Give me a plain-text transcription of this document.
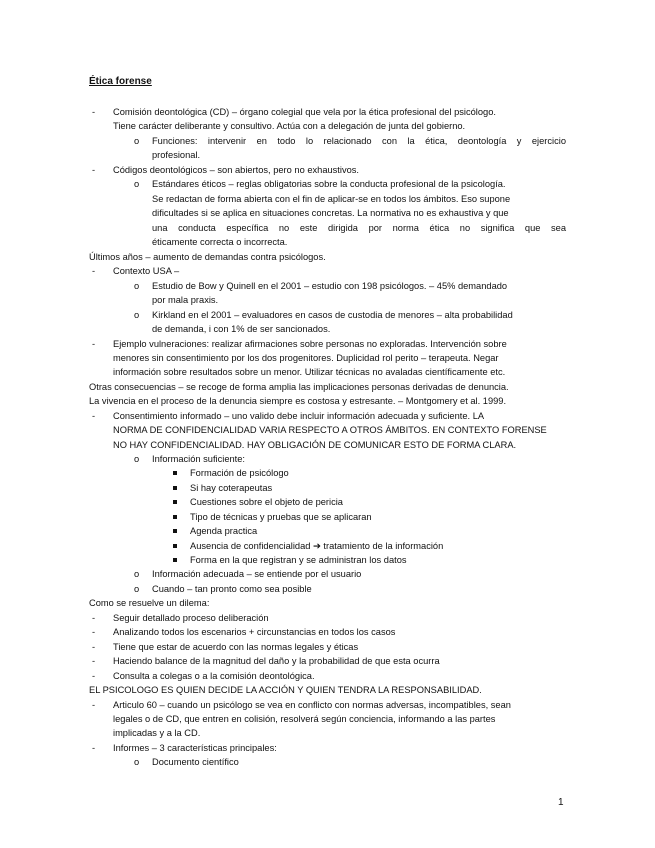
Ética forense
- Comisión deontológica (CD) – órgano colegial que vela por la ética profesional del psicólogo.
Tiene carácter deliberante y consultivo. Actúa con a delegación de junta del gobierno.
o Funciones: intervenir en todo lo relacionado con la ética, deontología y ejercicio
profesional.
- Códigos deontológicos – son abiertos, pero no exhaustivos.
o Estándares éticos – reglas obligatorias sobre la conducta profesional de la psicología.
Se redactan de forma abierta con el fin de aplicar-se en todos los ámbitos. Eso supone
dificultades si se aplica en situaciones concretas. La normativa no es exhaustiva y que
una conducta específica no este dirigida por norma ética no significa que sea
éticamente correcta o incorrecta.
Últimos años – aumento de demandas contra psicólogos.
- Contexto USA –
o Estudio de Bow y Quinell en el 2001 – estudio con 198 psicólogos. – 45% demandado
por mala praxis.
o Kirkland en el 2001 – evaluadores en casos de custodia de menores – alta probabilidad
de demanda, i con 1% de ser sancionados.
- Ejemplo vulneraciones: realizar afirmaciones sobre personas no exploradas. Intervención sobre
menores sin consentimiento por los dos progenitores. Duplicidad rol perito – terapeuta. Negar
información sobre resultados sobre un menor. Utilizar técnicas no avaladas científicamente etc.
Otras consecuencias – se recoge de forma amplia las implicaciones personas derivadas de denuncia.
La vivencia en el proceso de la denuncia siempre es costosa y estresante. – Montgomery et al. 1999.
- Consentimiento informado – uno valido debe incluir información adecuada y suficiente. LA
NORMA DE CONFIDENCIALIDAD VARIA RESPECTO A OTROS ÁMBITOS. EN CONTEXTO FORENSE
NO HAY CONFIDENCIALIDAD. HAY OBLIGACIÓN DE COMUNICAR ESTO DE FORMA CLARA.
o Información suficiente:
Formación de psicólogo
Si hay coterapeutas
Cuestiones sobre el objeto de pericia
Tipo de técnicas y pruebas que se aplicaran
Agenda practica
Ausencia de confidencialidad ➔ tratamiento de la información
Forma en la que registran y se administran los datos
o Información adecuada – se entiende por el usuario
o Cuando – tan pronto como sea posible
Como se resuelve un dilema:
- Seguir detallado proceso deliberación
- Analizando todos los escenarios + circunstancias en todos los casos
- Tiene que estar de acuerdo con las normas legales y éticas
- Haciendo balance de la magnitud del daño y la probabilidad de que esta ocurra
- Consulta a colegas o a la comisión deontológica.
EL PSICOLOGO ES QUIEN DECIDE LA ACCIÓN Y QUIEN TENDRA LA RESPONSABILIDAD.
- Articulo 60 – cuando un psicólogo se vea en conflicto con normas adversas, incompatibles, sean
legales o de CD, que entren en colisión, resolverá según conciencia, informando a las partes
implicadas y a la CD.
- Informes – 3 características principales:
o Documento científico
1
